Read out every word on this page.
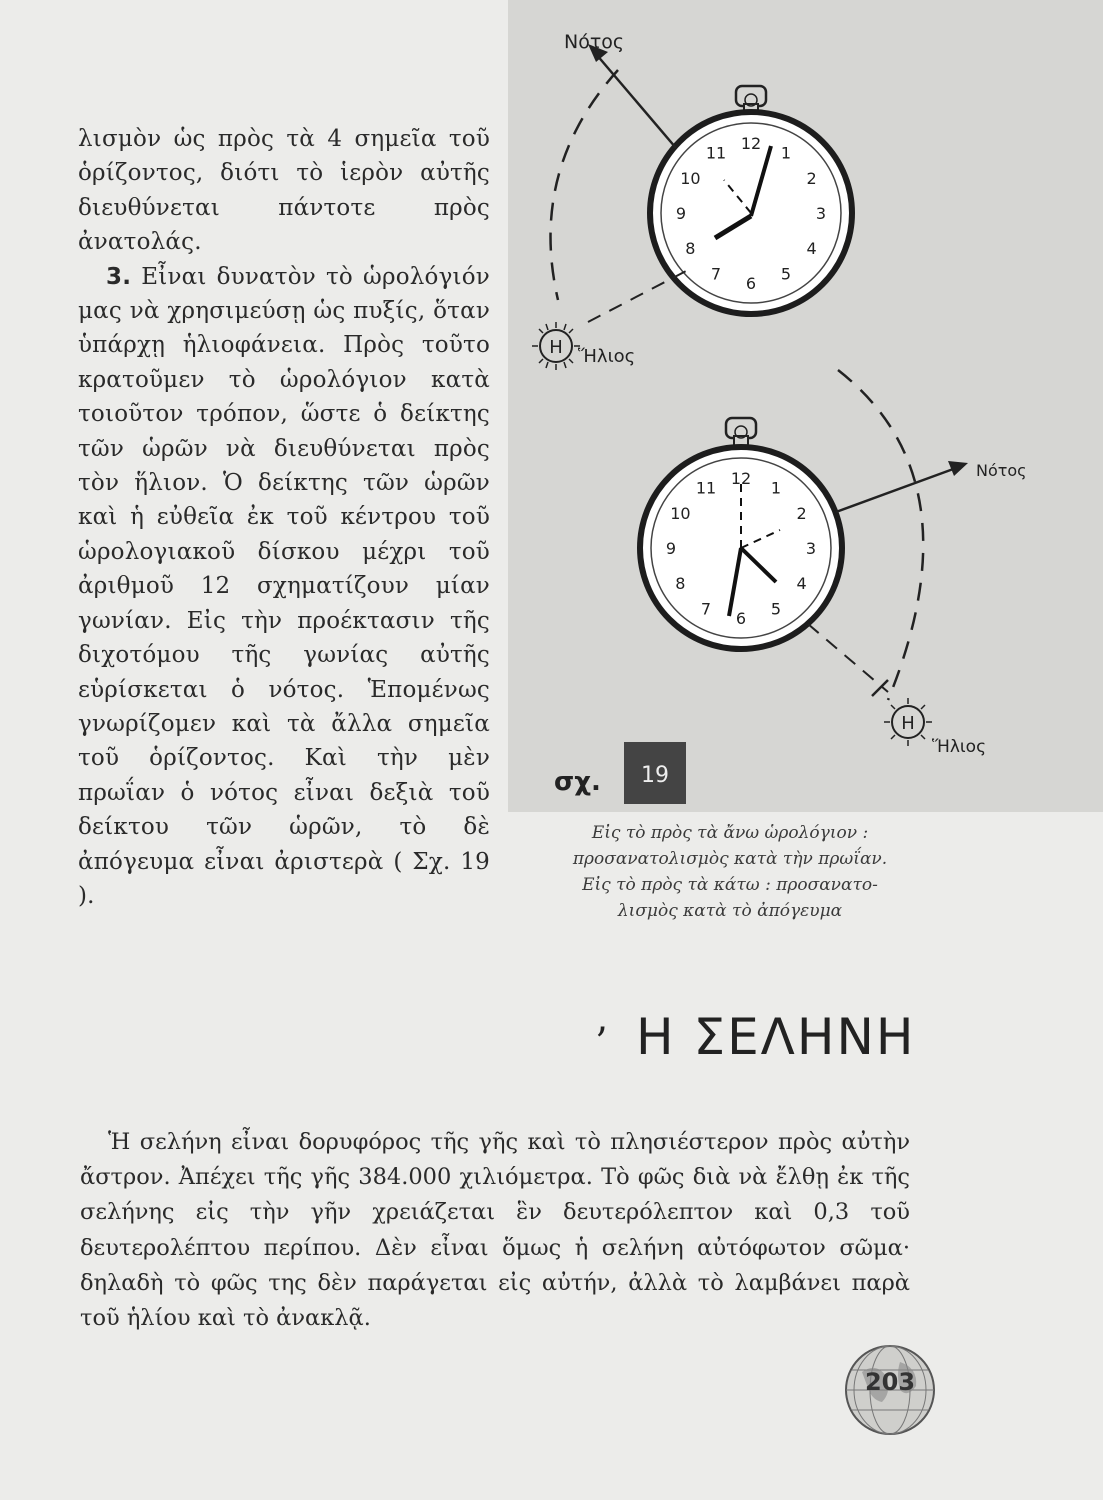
λισμὸν ὡς πρὸς τὰ 4 σημεῖα τοῦ ὁρίζοντος, διότι τὸ ἱερὸν αὐτῆς διευθύνεται πάντοτε πρὸς ἀνατολάς.

3. Εἶναι δυνατὸν τὸ ὡρολόγιόν μας νὰ χρησιμεύσῃ ὡς πυξίς, ὅταν ὑπάρχῃ ἡλιοφάνεια. Πρὸς τοῦτο κρατοῦμεν τὸ ὡρολόγιον κατὰ τοιοῦτον τρόπον, ὥστε ὁ δείκτης τῶν ὡρῶν νὰ διευθύνεται πρὸς τὸν ἥλιον. Ὁ δείκτης τῶν ὡρῶν καὶ ἡ εὐθεῖα ἐκ τοῦ κέντρου τοῦ ὡρολογιακοῦ δίσκου μέχρι τοῦ ἀριθμοῦ 12 σχηματίζουν μίαν γωνίαν. Εἰς τὴν προέκτασιν τῆς διχοτόμου τῆς γωνίας αὐτῆς εὑρίσκεται ὁ νότος. Ἑπομένως γνωρίζομεν καὶ τὰ ἄλλα σημεῖα τοῦ ὁρίζοντος. Καὶ τὴν μὲν πρωΐαν ὁ νότος εἶναι δεξιὰ τοῦ δείκτου τῶν ὡρῶν, τὸ δὲ ἀπόγευμα εἶναι ἀριστερὰ ( Σχ. 19 ).

12 1
2
3
4
5
6
7
8
9
10
11
Η Ἥλιος
Νότος
12 1
2
3
4
5
6
7
8
9
10
11
Η
Ἥλιος
Νότος
σχ. 19
Εἰς τὸ πρὸς τὰ ἄνω ὡρολόγιον :
προσανατολισμὸς κατὰ τὴν πρωΐαν.
Εἰς τὸ πρὸς τὰ κάτω : προσανατο-
λισμὸς κατὰ τὸ ἀπόγευμα
’ Η ΣΕΛΗΝΗ

Ἡ σελήνη εἶναι δορυφόρος τῆς γῆς καὶ τὸ πλησιέστερον πρὸς αὐτὴν ἄστρον. Ἀπέχει τῆς γῆς 384.000 χιλιόμετρα. Τὸ φῶς διὰ νὰ ἔλθῃ ἐκ τῆς σελήνης εἰς τὴν γῆν χρειάζεται ἓν δευτερόλεπτον καὶ 0,3 τοῦ δευτερολέπτου περίπου. Δὲν εἶναι ὅμως ἡ σελήνη αὐτόφωτον σῶμα· δηλαδὴ τὸ φῶς της δὲν παράγεται εἰς αὐτήν, ἀλλὰ τὸ λαμβάνει παρὰ τοῦ ἡλίου καὶ τὸ ἀνακλᾷ.

203
